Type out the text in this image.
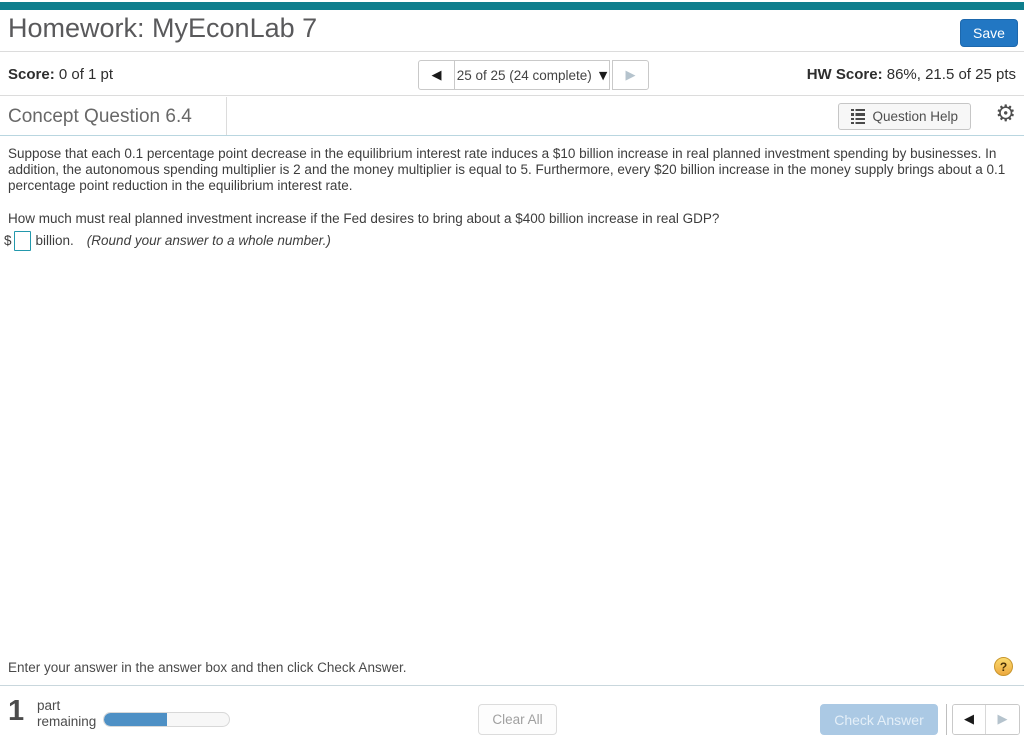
Homework: MyEconLab 7	Save
Score: 0 of 1 pt	◀	25 of 25 (24 complete) ▼	▶	HW Score: 86%, 21.5 of 25 pts
Concept Question 6.4	Question Help ⚙

Suppose that each 0.1 percentage point decrease in the equilibrium interest rate induces a $10 billion increase in real planned investment spending by businesses. In addition, the autonomous spending multiplier is 2 and the money multiplier is equal to 5. Furthermore, every $20 billion increase in the money supply brings about a 0.1 percentage point reduction in the equilibrium interest rate.

How much must real planned investment increase if the Fed desires to bring about a $400 billion increase in real GDP?

$ billion. (Round your answer to a whole number.)
Enter your answer in the answer box and then click Check Answer.	?
1 part
remaining	Clear All	Check Answer	◀	▶
